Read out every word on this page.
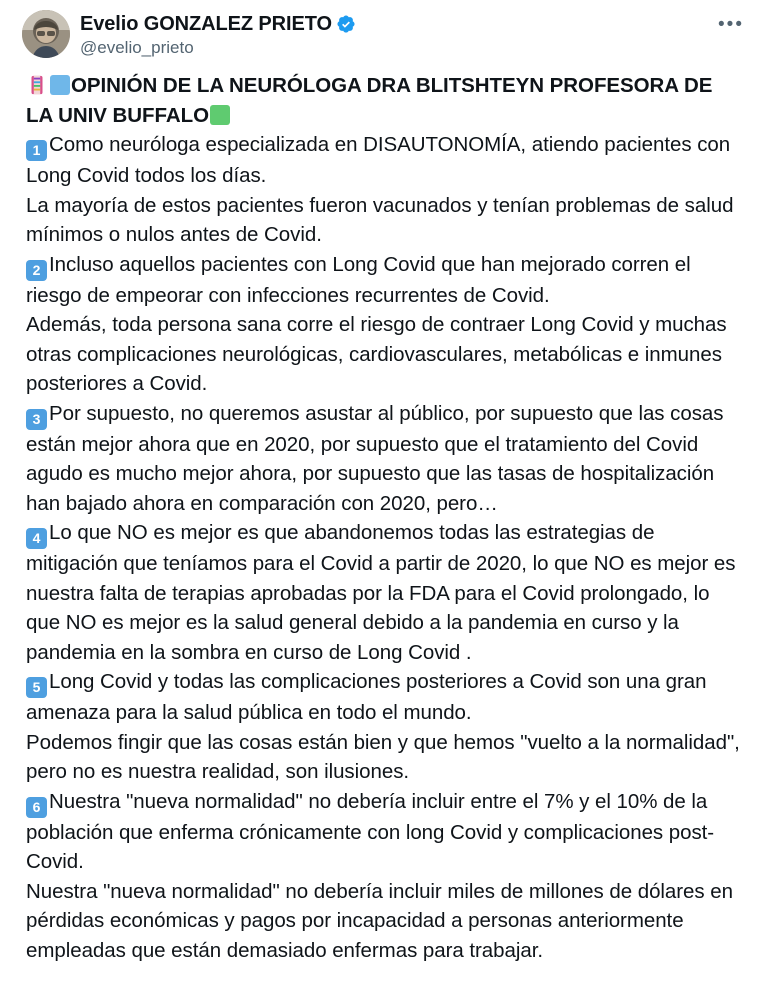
Evelio GONZALEZ PRIETO
@evelio_prieto
•••

OPINIÓN DE LA NEURÓLOGA DRA BLITSHTEYN PROFESORA DE LA UNIV BUFFALO

1 Como neuróloga especializada en DISAUTONOMÍA, atiendo pacientes con Long Covid todos los días.

La mayoría de estos pacientes fueron vacunados y tenían problemas de salud mínimos o nulos antes de Covid.

2 Incluso aquellos pacientes con Long Covid que han mejorado corren el riesgo de empeorar con infecciones recurrentes de Covid.

Además, toda persona sana corre el riesgo de contraer Long Covid y muchas otras complicaciones neurológicas, cardiovasculares, metabólicas e inmunes posteriores a Covid.

3 Por supuesto, no queremos asustar al público, por supuesto que las cosas están mejor ahora que en 2020, por supuesto que el tratamiento del Covid agudo es mucho mejor ahora, por supuesto que las tasas de hospitalización han bajado ahora en comparación con 2020, pero…

4 Lo que NO es mejor es que abandonemos todas las estrategias de mitigación que teníamos para el Covid a partir de 2020, lo que NO es mejor es nuestra falta de terapias aprobadas por la FDA para el Covid prolongado, lo que NO es mejor es la salud general debido a la pandemia en curso y la pandemia en la sombra en curso de Long Covid .

5 Long Covid y todas las complicaciones posteriores a Covid son una gran amenaza para la salud pública en todo el mundo.

Podemos fingir que las cosas están bien y que hemos "vuelto a la normalidad", pero no es nuestra realidad, son ilusiones.

6 Nuestra "nueva normalidad" no debería incluir entre el 7% y el 10% de la población que enferma crónicamente con long Covid y complicaciones post-Covid.

Nuestra "nueva normalidad" no debería incluir miles de millones de dólares en pérdidas económicas y pagos por incapacidad a personas anteriormente empleadas que están demasiado enfermas para trabajar.
